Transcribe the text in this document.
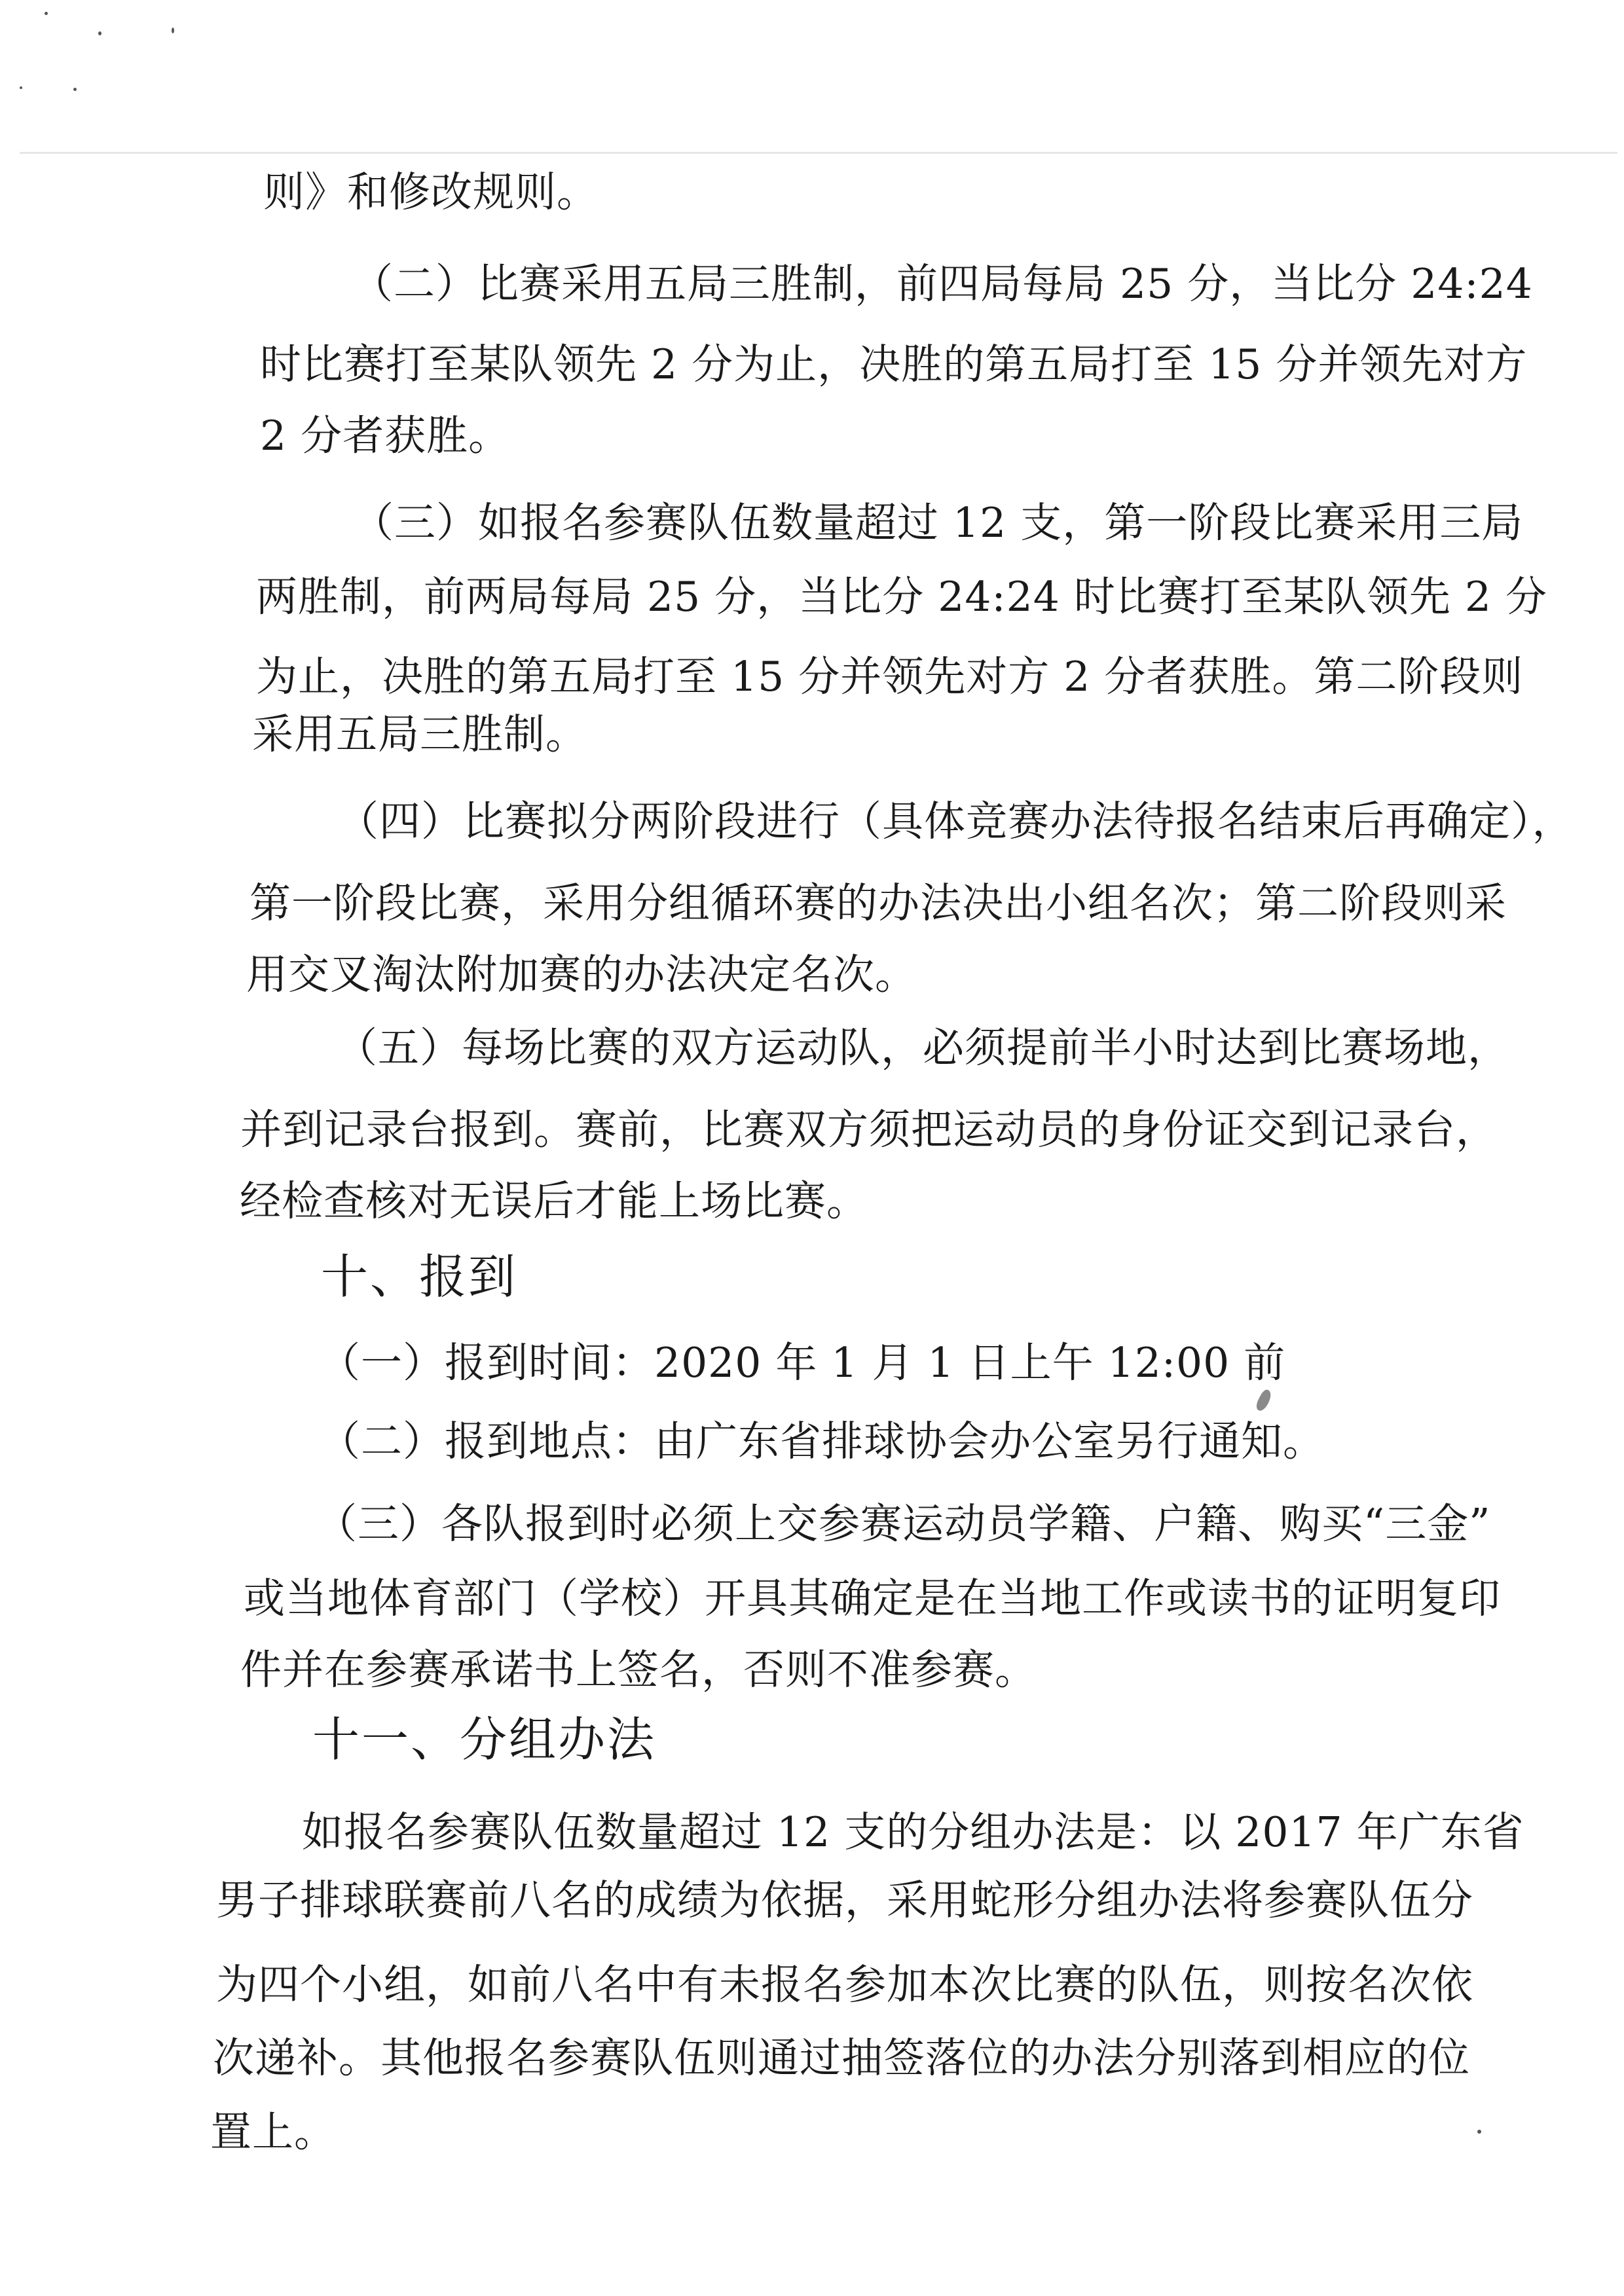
则》和修改规则。
（二）比赛采用五局三胜制，前四局每局 25 分，当比分 24:24
时比赛打至某队领先 2 分为止，决胜的第五局打至 15 分并领先对方
2 分者获胜。
（三）如报名参赛队伍数量超过 12 支，第一阶段比赛采用三局
两胜制，前两局每局 25 分，当比分 24:24 时比赛打至某队领先 2 分
为止，决胜的第五局打至 15 分并领先对方 2 分者获胜。第二阶段则
采用五局三胜制。
（四）比赛拟分两阶段进行（具体竞赛办法待报名结束后再确定），
第一阶段比赛，采用分组循环赛的办法决出小组名次；第二阶段则采
用交叉淘汰附加赛的办法决定名次。
（五）每场比赛的双方运动队，必须提前半小时达到比赛场地，
并到记录台报到。赛前，比赛双方须把运动员的身份证交到记录台，
经检查核对无误后才能上场比赛。
十、报到
（一）报到时间：2020 年 1 月 1 日上午 12:00 前
（二）报到地点：由广东省排球协会办公室另行通知。
（三）各队报到时必须上交参赛运动员学籍、户籍、购买“三金”
或当地体育部门（学校）开具其确定是在当地工作或读书的证明复印
件并在参赛承诺书上签名，否则不准参赛。
十一、分组办法
如报名参赛队伍数量超过 12 支的分组办法是：以 2017 年广东省
男子排球联赛前八名的成绩为依据，采用蛇形分组办法将参赛队伍分
为四个小组，如前八名中有未报名参加本次比赛的队伍，则按名次依
次递补。其他报名参赛队伍则通过抽签落位的办法分别落到相应的位
置上。
